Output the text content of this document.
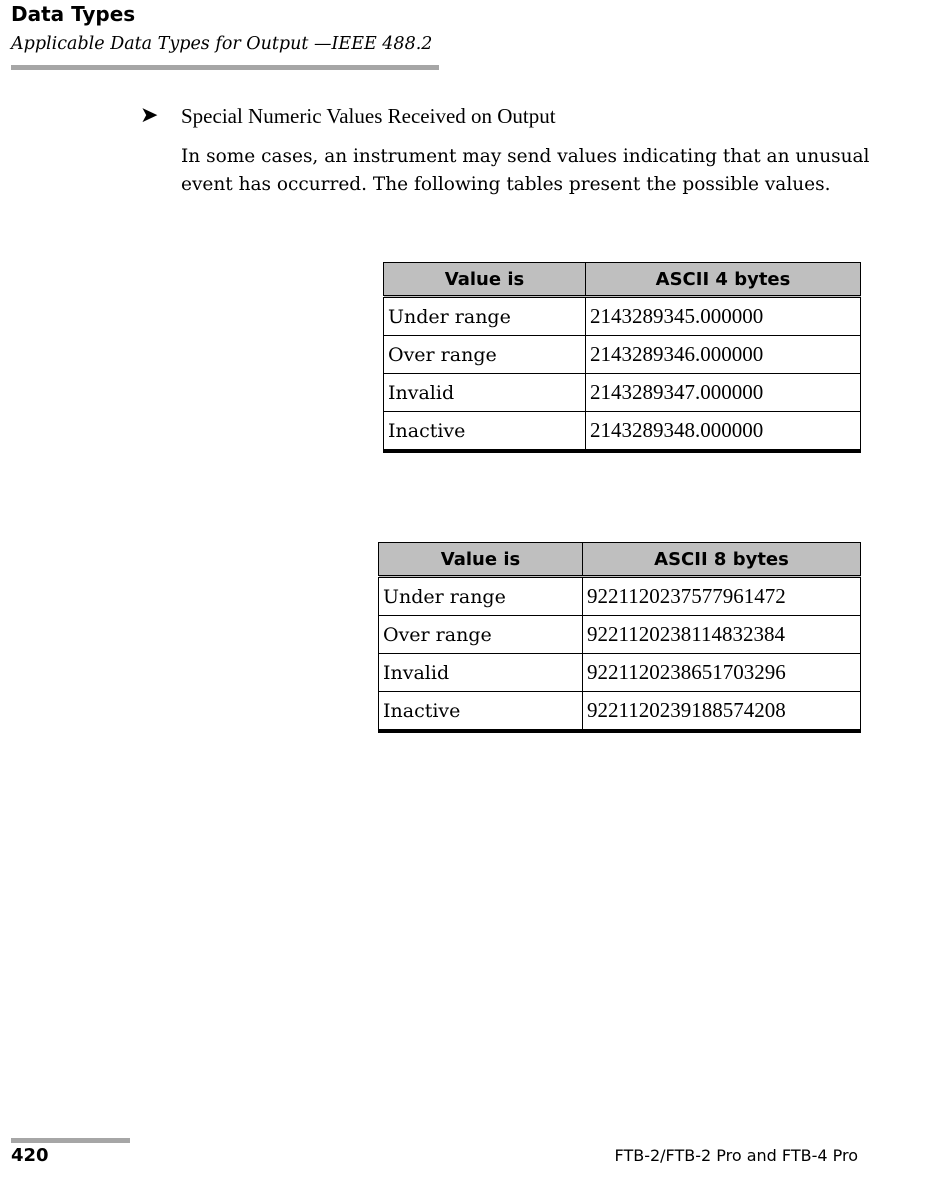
Data Types
Applicable Data Types for Output —IEEE 488.2
➤ Special Numeric Values Received on Output
In some cases, an instrument may send values indicating that an unusual event has occurred. The following tables present the possible values.
Value is	ASCII 4 bytes
Under range	2143289345.000000
Over range	2143289346.000000
Invalid	2143289347.000000
Inactive	2143289348.000000
Value is	ASCII 8 bytes
Under range	9221120237577961472
Over range	9221120238114832384
Invalid	9221120238651703296
Inactive	9221120239188574208
420	FTB-2/FTB-2 Pro and FTB-4 Pro
